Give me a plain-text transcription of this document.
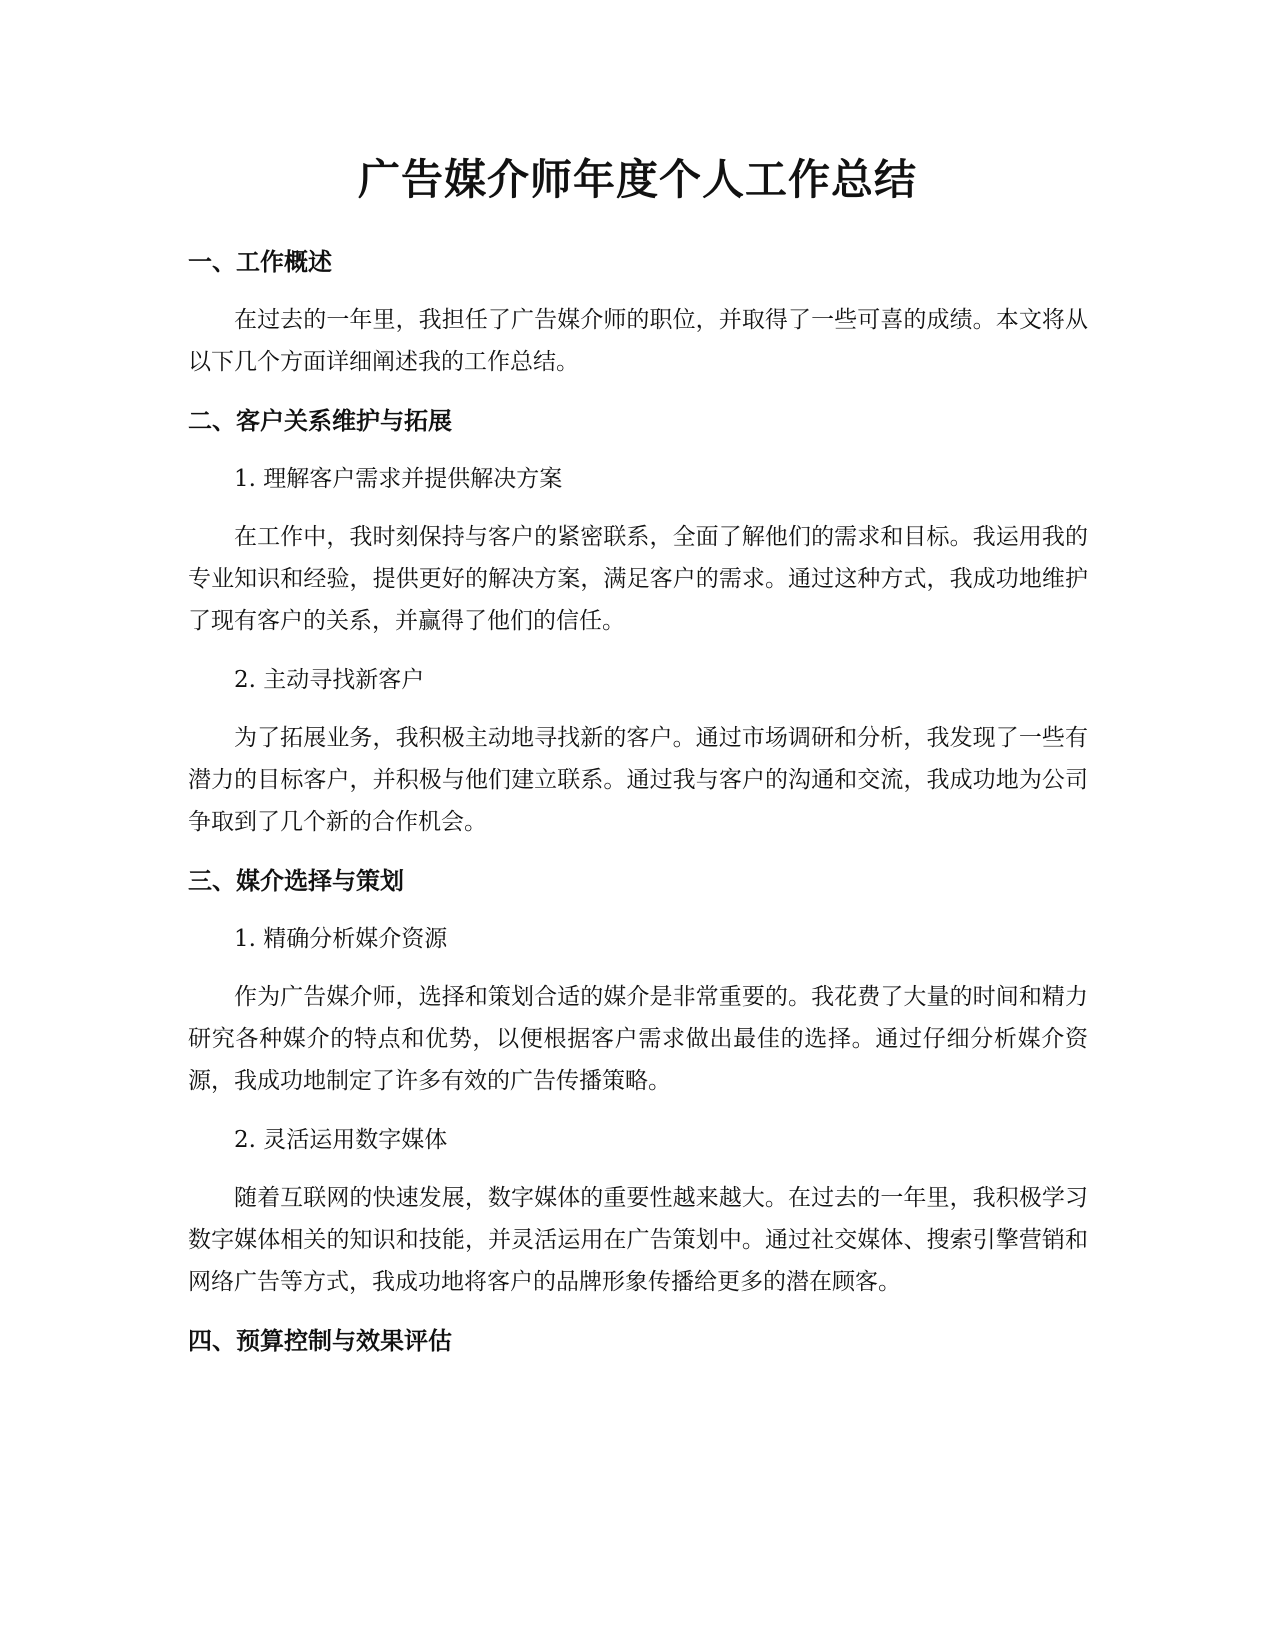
广告媒介师年度个人工作总结
一、工作概述

在过去的一年里，我担任了广告媒介师的职位，并取得了一些可喜的成绩。本文将从以下几个方面详细阐述我的工作总结。

二、客户关系维护与拓展

1. 理解客户需求并提供解决方案

在工作中，我时刻保持与客户的紧密联系，全面了解他们的需求和目标。我运用我的专业知识和经验，提供更好的解决方案，满足客户的需求。通过这种方式，我成功地维护了现有客户的关系，并赢得了他们的信任。

2. 主动寻找新客户

为了拓展业务，我积极主动地寻找新的客户。通过市场调研和分析，我发现了一些有潜力的目标客户，并积极与他们建立联系。通过我与客户的沟通和交流，我成功地为公司争取到了几个新的合作机会。

三、媒介选择与策划

1. 精确分析媒介资源

作为广告媒介师，选择和策划合适的媒介是非常重要的。我花费了大量的时间和精力研究各种媒介的特点和优势，以便根据客户需求做出最佳的选择。通过仔细分析媒介资源，我成功地制定了许多有效的广告传播策略。

2. 灵活运用数字媒体

随着互联网的快速发展，数字媒体的重要性越来越大。在过去的一年里，我积极学习数字媒体相关的知识和技能，并灵活运用在广告策划中。通过社交媒体、搜索引擎营销和网络广告等方式，我成功地将客户的品牌形象传播给更多的潜在顾客。

四、预算控制与效果评估
